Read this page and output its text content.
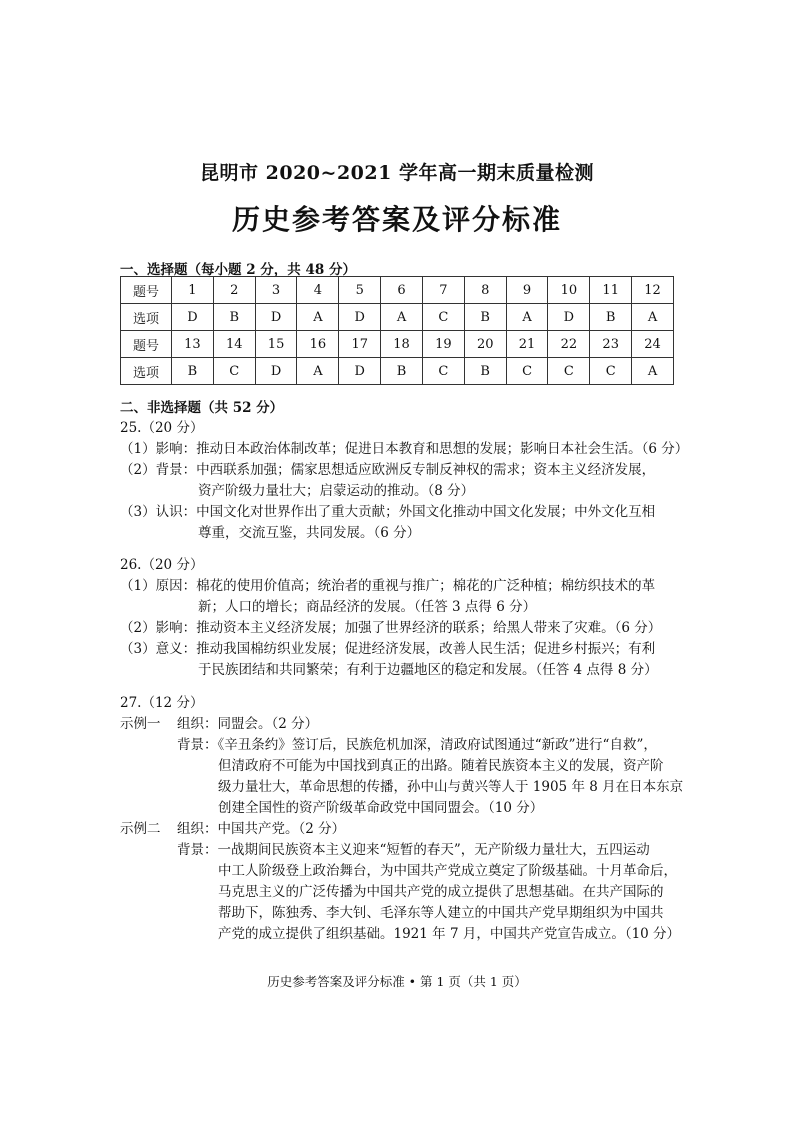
昆明市 2020~2021 学年高一期末质量检测
历史参考答案及评分标准
一、选择题（每小题 2 分，共 48 分）
题号	1	2	3	4	5	6	7	8	9	10	11	12
选项	D	B	D	A	D	A	C	B	A	D	B	A
题号	13	14	15	16	17	18	19	20	21	22	23	24
选项	B	C	D	A	D	B	C	B	C	C	C	A
二、非选择题（共 52 分）
25.（20 分）
（1）影响：推动日本政治体制改革；促进日本教育和思想的发展；影响日本社会生活。（6 分）
（2）背景：中西联系加强；儒家思想适应欧洲反专制反神权的需求；资本主义经济发展，
资产阶级力量壮大；启蒙运动的推动。（8 分）
（3）认识：中国文化对世界作出了重大贡献；外国文化推动中国文化发展；中外文化互相
尊重，交流互鉴，共同发展。（6 分）
26.（20 分）
（1）原因：棉花的使用价值高；统治者的重视与推广；棉花的广泛种植；棉纺织技术的革
新；人口的增长；商品经济的发展。（任答 3 点得 6 分）
（2）影响：推动资本主义经济发展；加强了世界经济的联系；给黑人带来了灾难。（6 分）
（3）意义：推动我国棉纺织业发展；促进经济发展，改善人民生活；促进乡村振兴；有利
于民族团结和共同繁荣；有利于边疆地区的稳定和发展。（任答 4 点得 8 分）
27.（12 分）
示例一 组织：同盟会。（2 分）
背景：《辛丑条约》签订后，民族危机加深，清政府试图通过“新政”进行“自救”，
但清政府不可能为中国找到真正的出路。随着民族资本主义的发展，资产阶
级力量壮大，革命思想的传播，孙中山与黄兴等人于 1905 年 8 月在日本东京
创建全国性的资产阶级革命政党中国同盟会。（10 分）
示例二 组织：中国共产党。（2 分）
背景：一战期间民族资本主义迎来“短暂的春天”，无产阶级力量壮大，五四运动
中工人阶级登上政治舞台，为中国共产党成立奠定了阶级基础。十月革命后，
马克思主义的广泛传播为中国共产党的成立提供了思想基础。在共产国际的
帮助下，陈独秀、李大钊、毛泽东等人建立的中国共产党早期组织为中国共
产党的成立提供了组织基础。1921 年 7 月，中国共产党宣告成立。（10 分）
历史参考答案及评分标准 • 第 1 页（共 1 页）
